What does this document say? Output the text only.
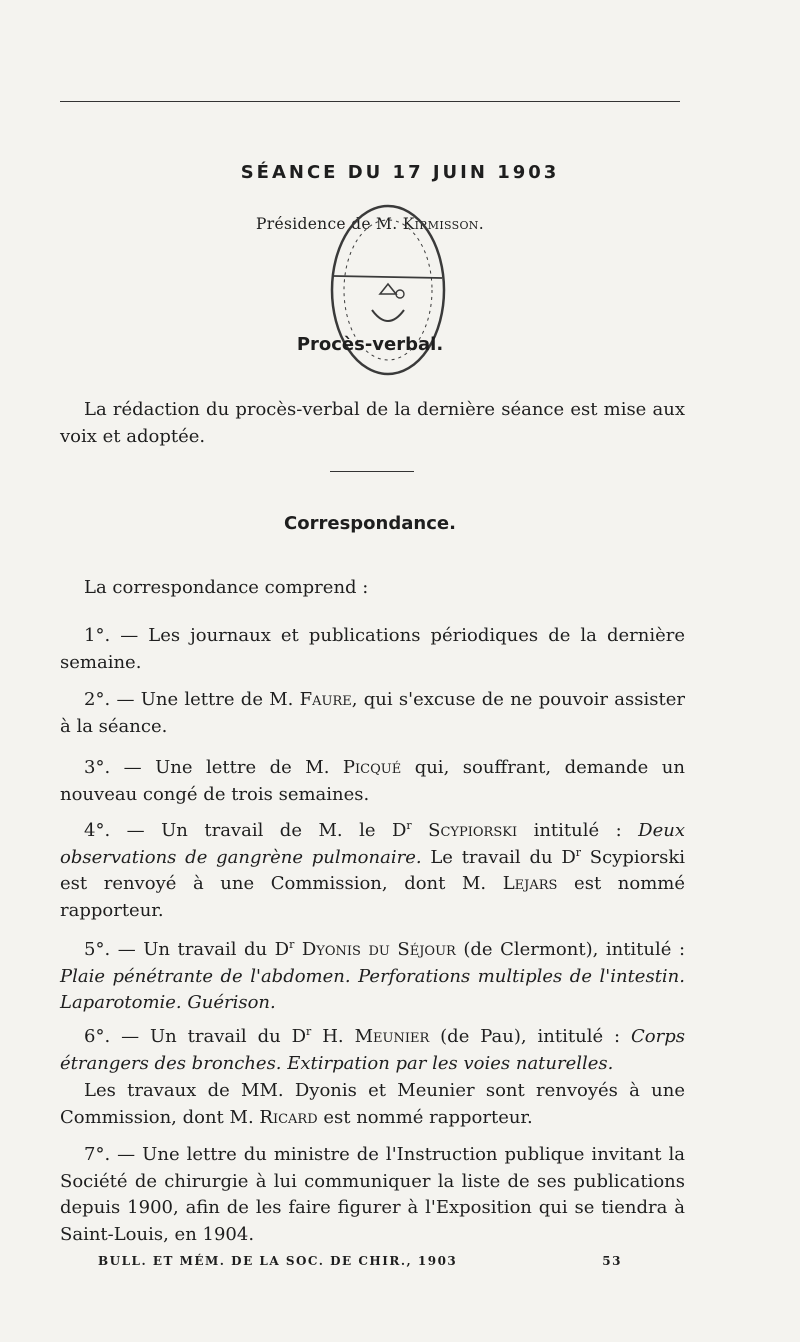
SÉANCE DU 17 JUIN 1903
Présidence de M. Kirmisson.
Procès-verbal.
La rédaction du procès-verbal de la dernière séance est mise aux voix et adoptée.
Correspondance.
La correspondance comprend :
1°. — Les journaux et publications périodiques de la dernière semaine.
2°. — Une lettre de M. Faure, qui s'excuse de ne pouvoir assister à la séance.
3°. — Une lettre de M. Picqué qui, souffrant, demande un nouveau congé de trois semaines.
4°. — Un travail de M. le $D^r$ Scypiorski intitulé : Deux observations de gangrène pulmonaire. Le travail du $D^r$ Scypiorski est renvoyé à une Commission, dont M. Lejars est nommé rapporteur.
5°. — Un travail du $D^r$ Dyonis du Séjour (de Clermont), intitulé : Plaie pénétrante de l'abdomen. Perforations multiples de l'intestin. Laparotomie. Guérison.
6°. — Un travail du $D^r$ H. Meunier (de Pau), intitulé : Corps étrangers des bronches. Extirpation par les voies naturelles.
Les travaux de MM. Dyonis et Meunier sont renvoyés à une Commission, dont M. Ricard est nommé rapporteur.
7°. — Une lettre du ministre de l'Instruction publique invitant la Société de chirurgie à lui communiquer la liste de ses publications depuis 1900, afin de les faire figurer à l'Exposition qui se tiendra à Saint-Louis, en 1904.
BULL. ET MÉM. DE LA SOC. DE CHIR., 1903	53
